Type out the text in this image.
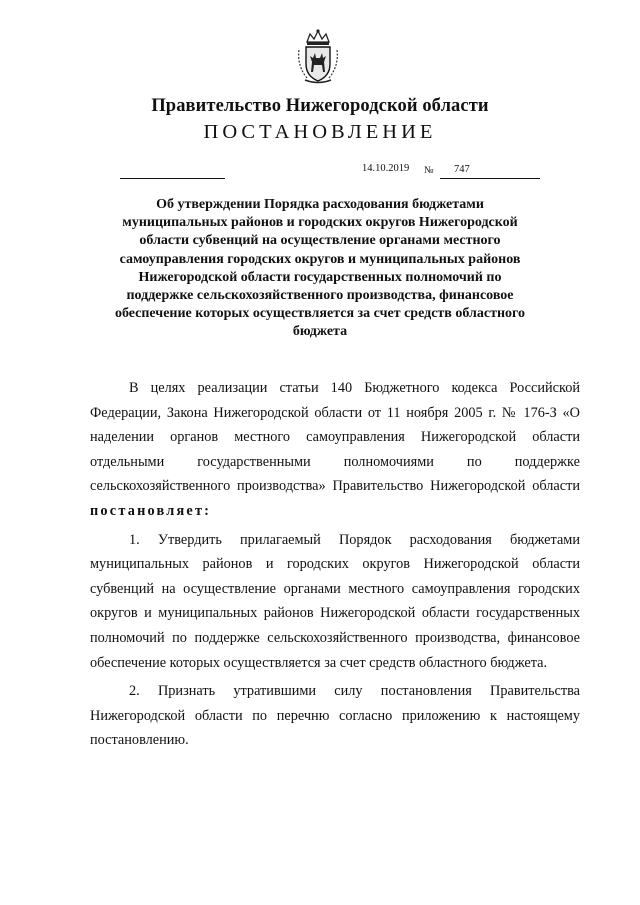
Правительство Нижегородской области
ПОСТАНОВЛЕНИЕ
14.10.2019 №	747
Об утверждении Порядка расходования бюджетами муниципальных районов и городских округов Нижегородской области субвенций на осуществление органами местного самоуправления городских округов и муниципальных районов Нижегородской области государственных полномочий по поддержке сельскохозяйственного производства, финансовое обеспечение которых осуществляется за счет средств областного бюджета

В целях реализации статьи 140 Бюджетного кодекса Российской Федерации, Закона Нижегородской области от 11 ноября 2005 г. № 176-З «О наделении органов местного самоуправления Нижегородской области отдельными государственными полномочиями по поддержке сельскохозяйственного производства» Правительство Нижегородской области постановляет:

1. Утвердить прилагаемый Порядок расходования бюджетами муниципальных районов и городских округов Нижегородской области субвенций на осуществление органами местного самоуправления городских округов и муниципальных районов Нижегородской области государственных полномочий по поддержке сельскохозяйственного производства, финансовое обеспечение которых осуществляется за счет средств областного бюджета.

2. Признать утратившими силу постановления Правительства Нижегородской области по перечню согласно приложению к настоящему постановлению.
